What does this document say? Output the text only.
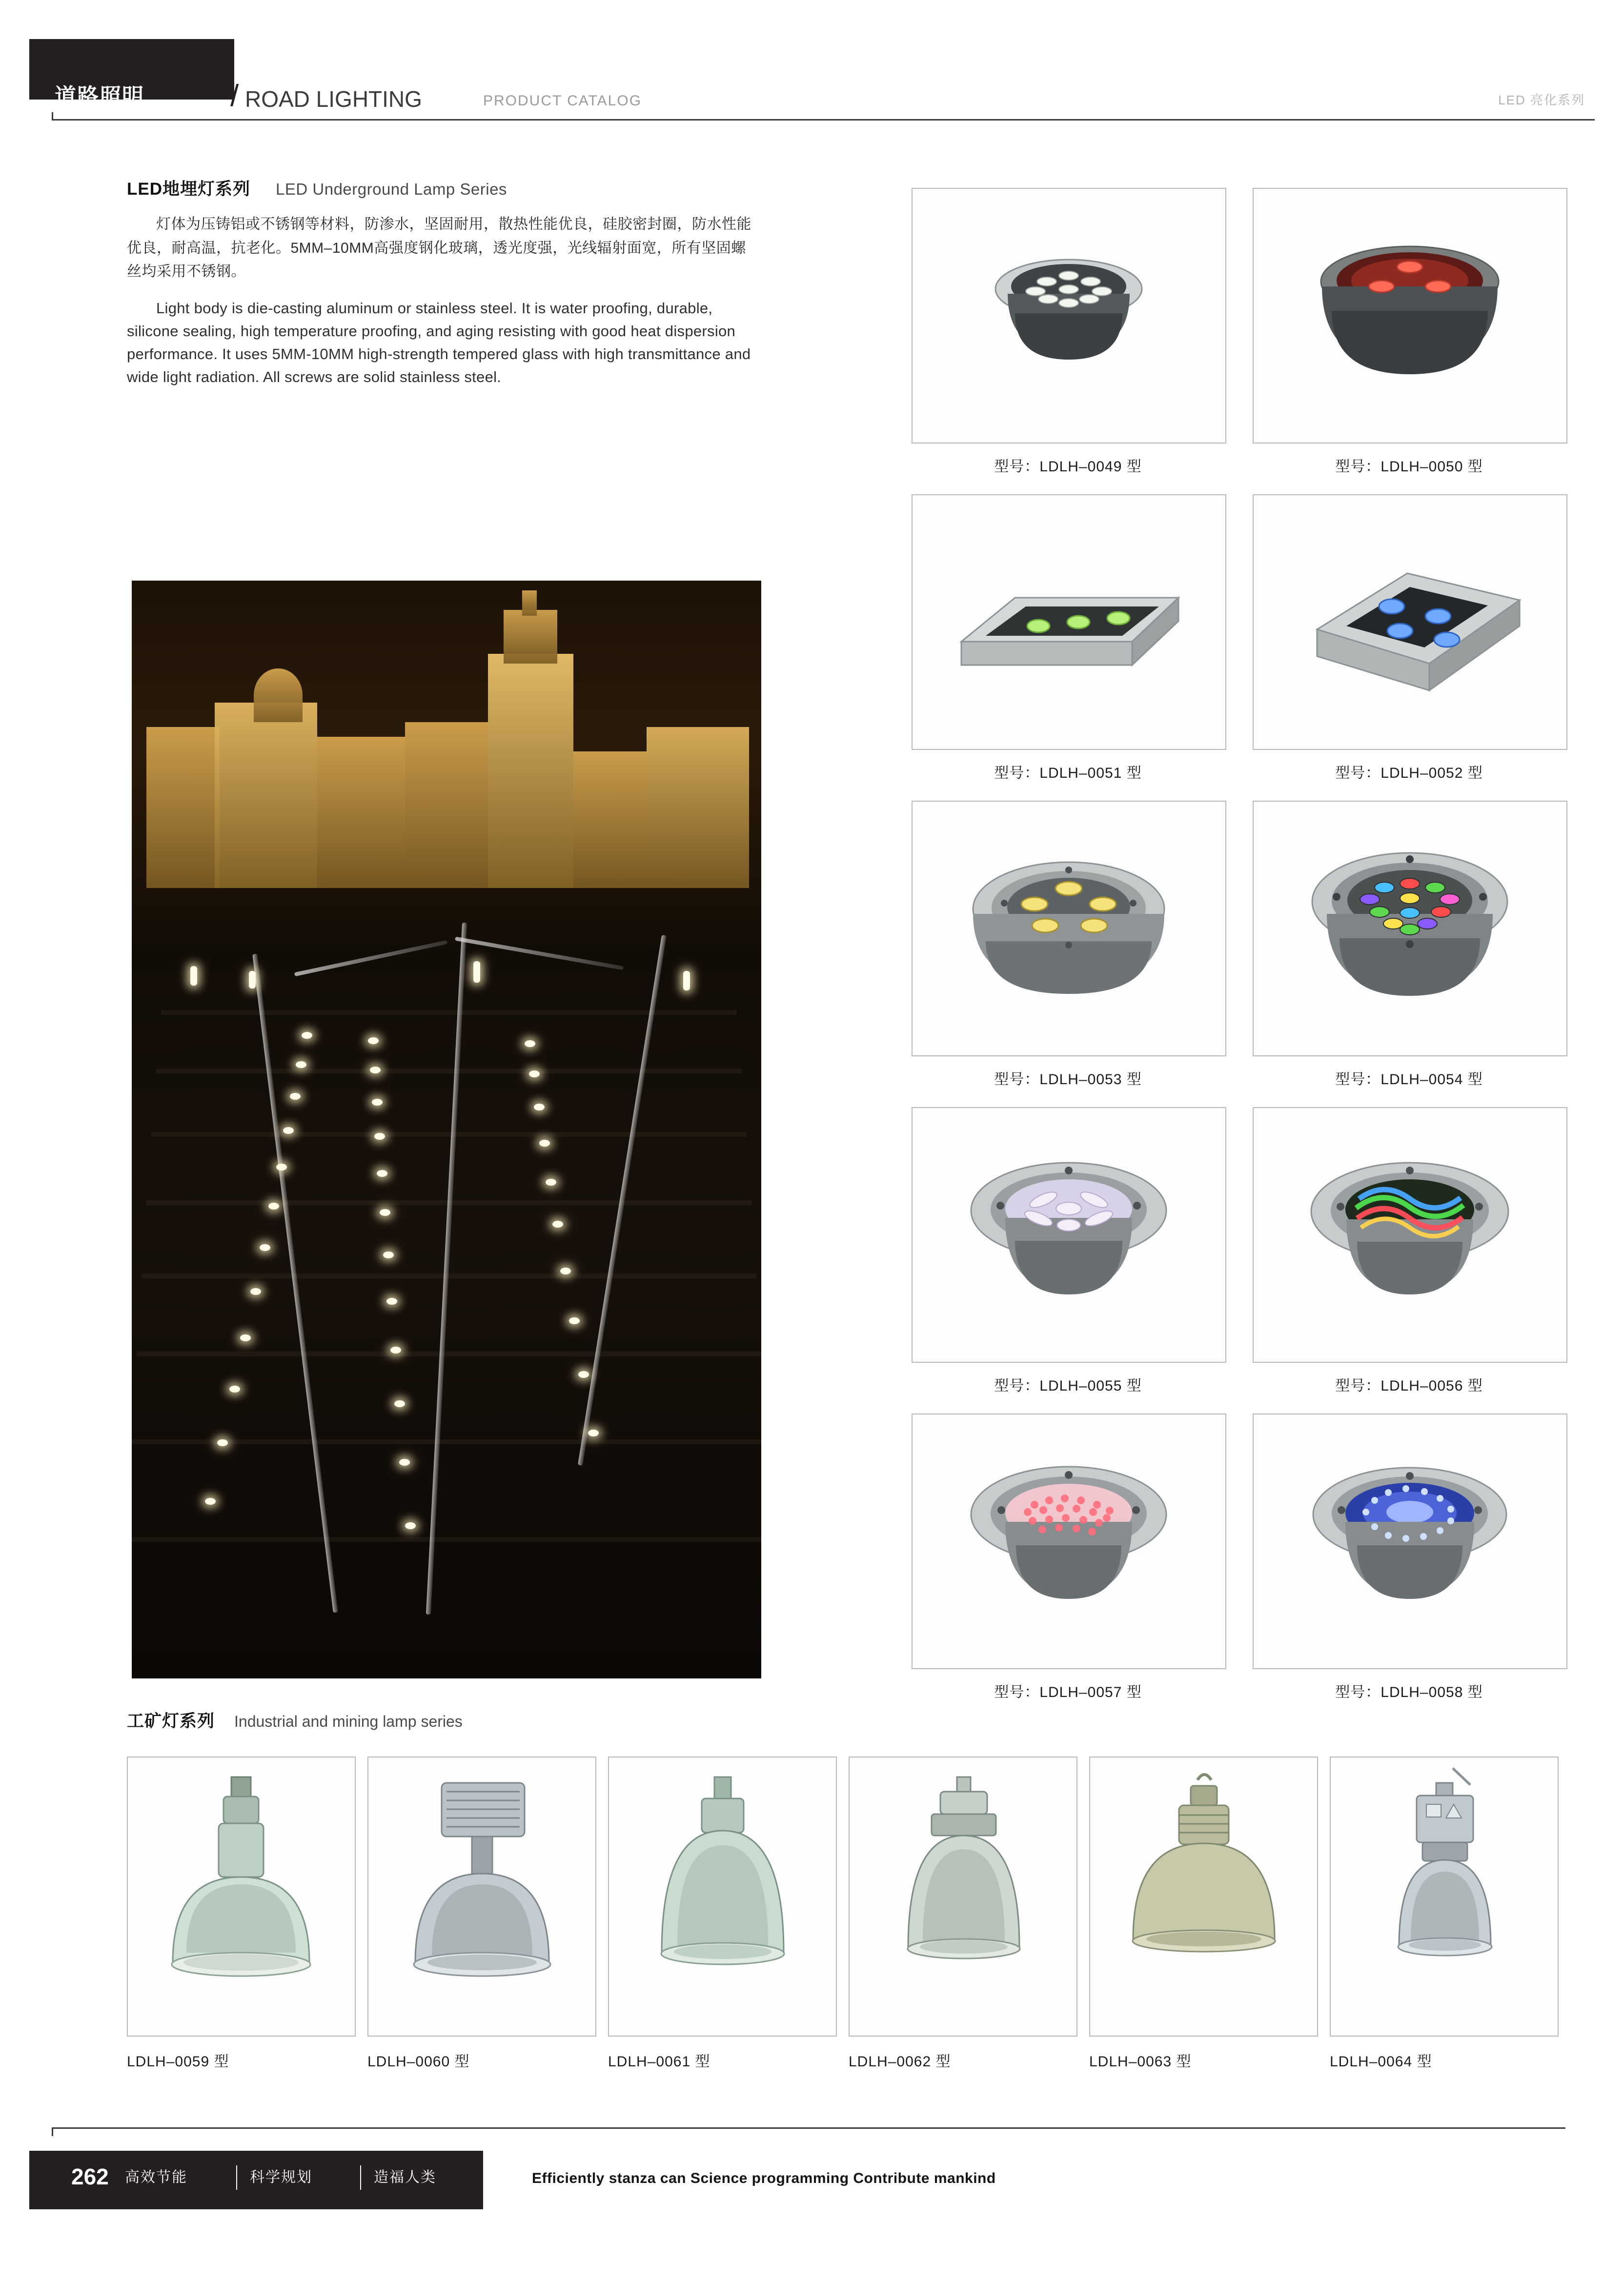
道路照明	/ ROAD LIGHTING	PRODUCT CATALOG	LED 亮化系列
LED地埋灯系列 LED Underground Lamp Series

灯体为压铸铝或不锈钢等材料，防渗水，坚固耐用，散热性能优良，硅胶密封圈，防水性能优良，耐高温，抗老化。5MM–10MM高强度钢化玻璃，透光度强，光线辐射面宽，所有坚固螺丝均采用不锈钢。

Light body is die-casting aluminum or stainless steel. It is water proofing, durable, silicone sealing, high temperature proofing, and aging resisting with good heat dispersion performance. It uses 5MM-10MM high-strength tempered glass with high transmittance and wide light radiation. All screws are solid stainless steel.

型号：LDLH–0049 型	型号：LDLH–0050 型
型号：LDLH–0051 型	型号：LDLH–0052 型
型号：LDLH–0053 型	型号：LDLH–0054 型
型号：LDLH–0055 型	型号：LDLH–0056 型
型号：LDLH–0057 型	型号：LDLH–0058 型
工矿灯系列 Industrial and mining lamp series
LDLH–0059 型	LDLH–0060 型	LDLH–0061 型	LDLH–0062 型	LDLH–0063 型	LDLH–0064 型
262 高效节能	科学规划	造福人类	Efficiently stanza can Science programming Contribute mankind
